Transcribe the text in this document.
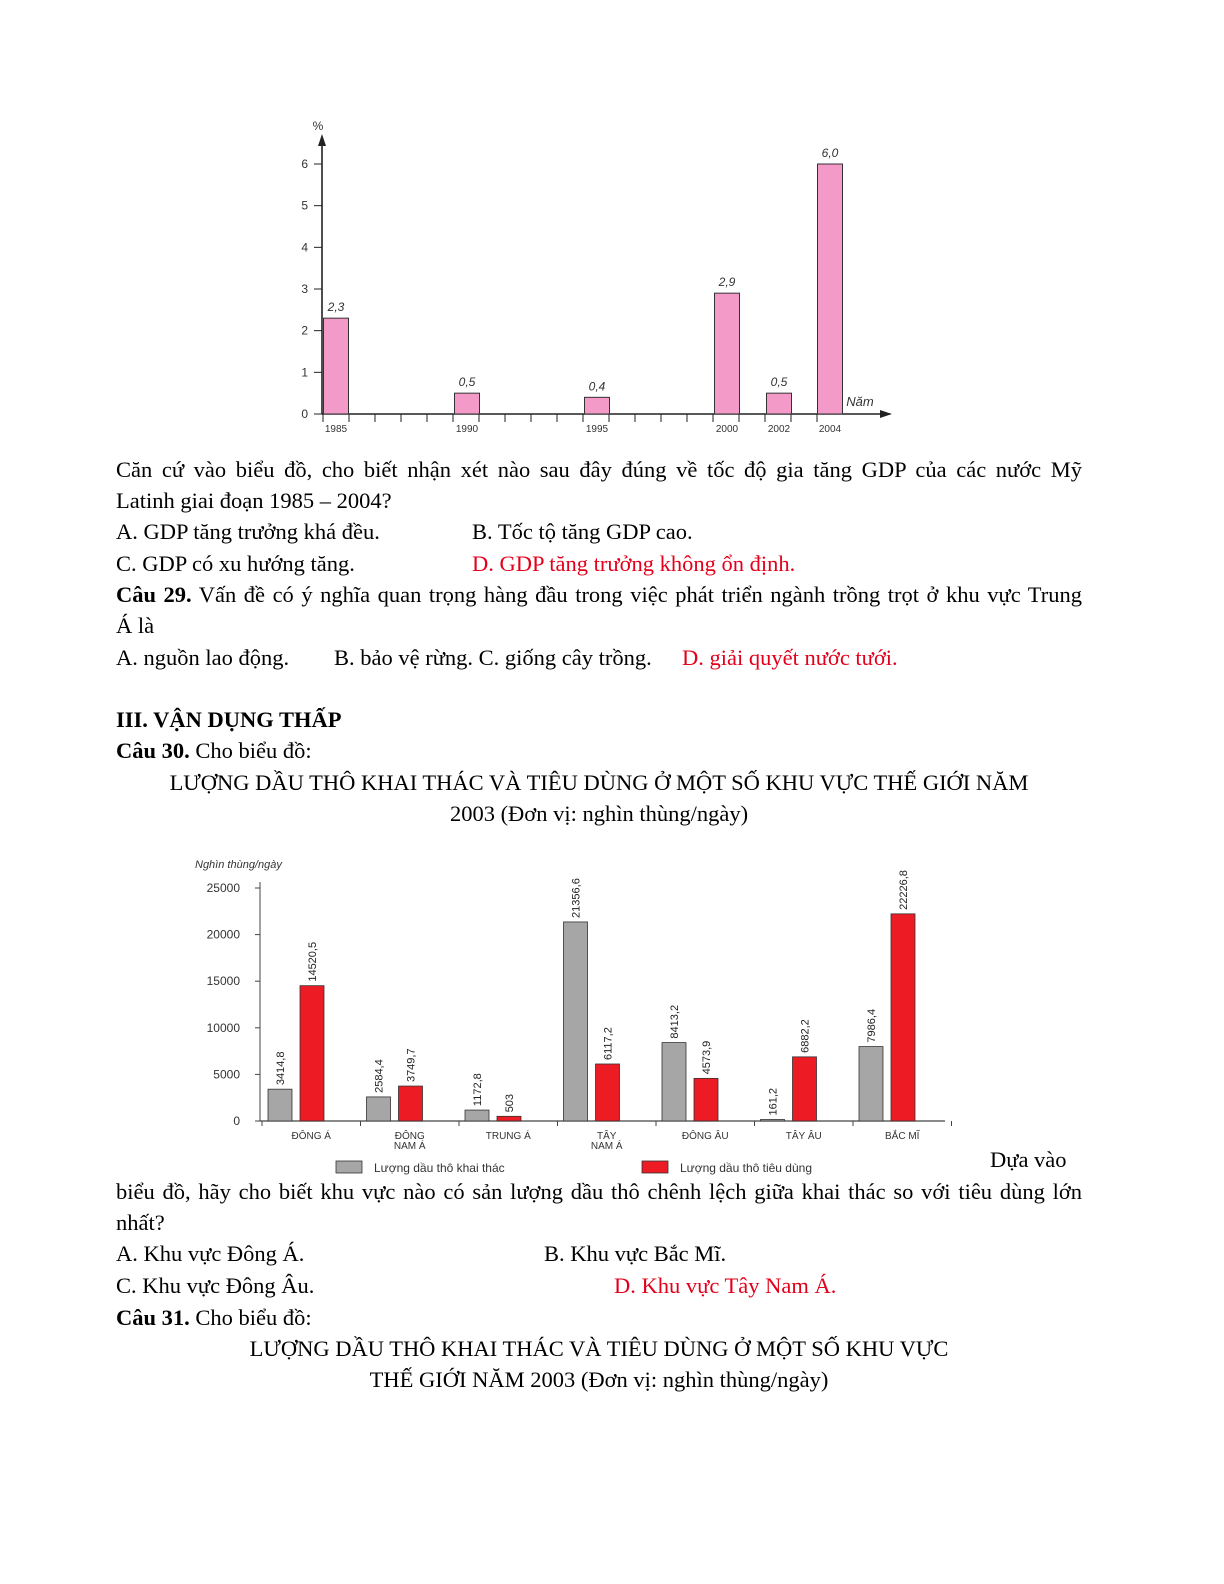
%
Năm
0
1
2
3
4
5
6
2,3
1985
0,5
1990
0,4
1995
2,9
2000
0,5
2002
6,0
2004
Căn cứ vào biểu đồ, cho biết nhận xét nào sau đây đúng về tốc độ gia tăng GDP của các nước Mỹ
Latinh giai đoạn 1985 – 2004?
A. GDP tăng trưởng khá đều.	B. Tốc tộ tăng GDP cao.
C. GDP có xu hướng tăng.	D. GDP tăng trưởng không ổn định.
Câu 29. Vấn đề có ý nghĩa quan trọng hàng đầu trong việc phát triển ngành trồng trọt ở khu vực Trung
Á là
A. nguồn lao động. B. bảo vệ rừng. C. giống cây trồng. D. giải quyết nước tưới.
III. VẬN DỤNG THẤP
Câu 30. Cho biểu đồ:
LƯỢNG DẦU THÔ KHAI THÁC VÀ TIÊU DÙNG Ở MỘT SỐ KHU VỰC THẾ GIỚI NĂM
2003 (Đơn vị: nghìn thùng/ngày)
Nghìn thùng/ngày
0
5000
10000
15000
20000
25000
ĐÔNG Á
3414,8
14520,5
ĐÔNG
NAM Á
2584,4 3749,7
TRUNG Á
1172,8 503
TÂY
NAM Á
21356,6
6117,2
ĐÔNG ÂU
8413,2
4573,9
TÂY ÂU
161,2
6882,2
BẮC MĨ
7986,4
22226,8
Lượng dầu thô khai thác	Lượng dầu thô tiêu dùng	Dựa vào
biểu đồ, hãy cho biết khu vực nào có sản lượng dầu thô chênh lệch giữa khai thác so với tiêu dùng lớn
nhất?
A. Khu vực Đông Á.	B. Khu vực Bắc Mĩ.
C. Khu vực Đông Âu.	D. Khu vực Tây Nam Á.
Câu 31. Cho biểu đồ:
LƯỢNG DẦU THÔ KHAI THÁC VÀ TIÊU DÙNG Ở MỘT SỐ KHU VỰC
THẾ GIỚI NĂM 2003 (Đơn vị: nghìn thùng/ngày)
